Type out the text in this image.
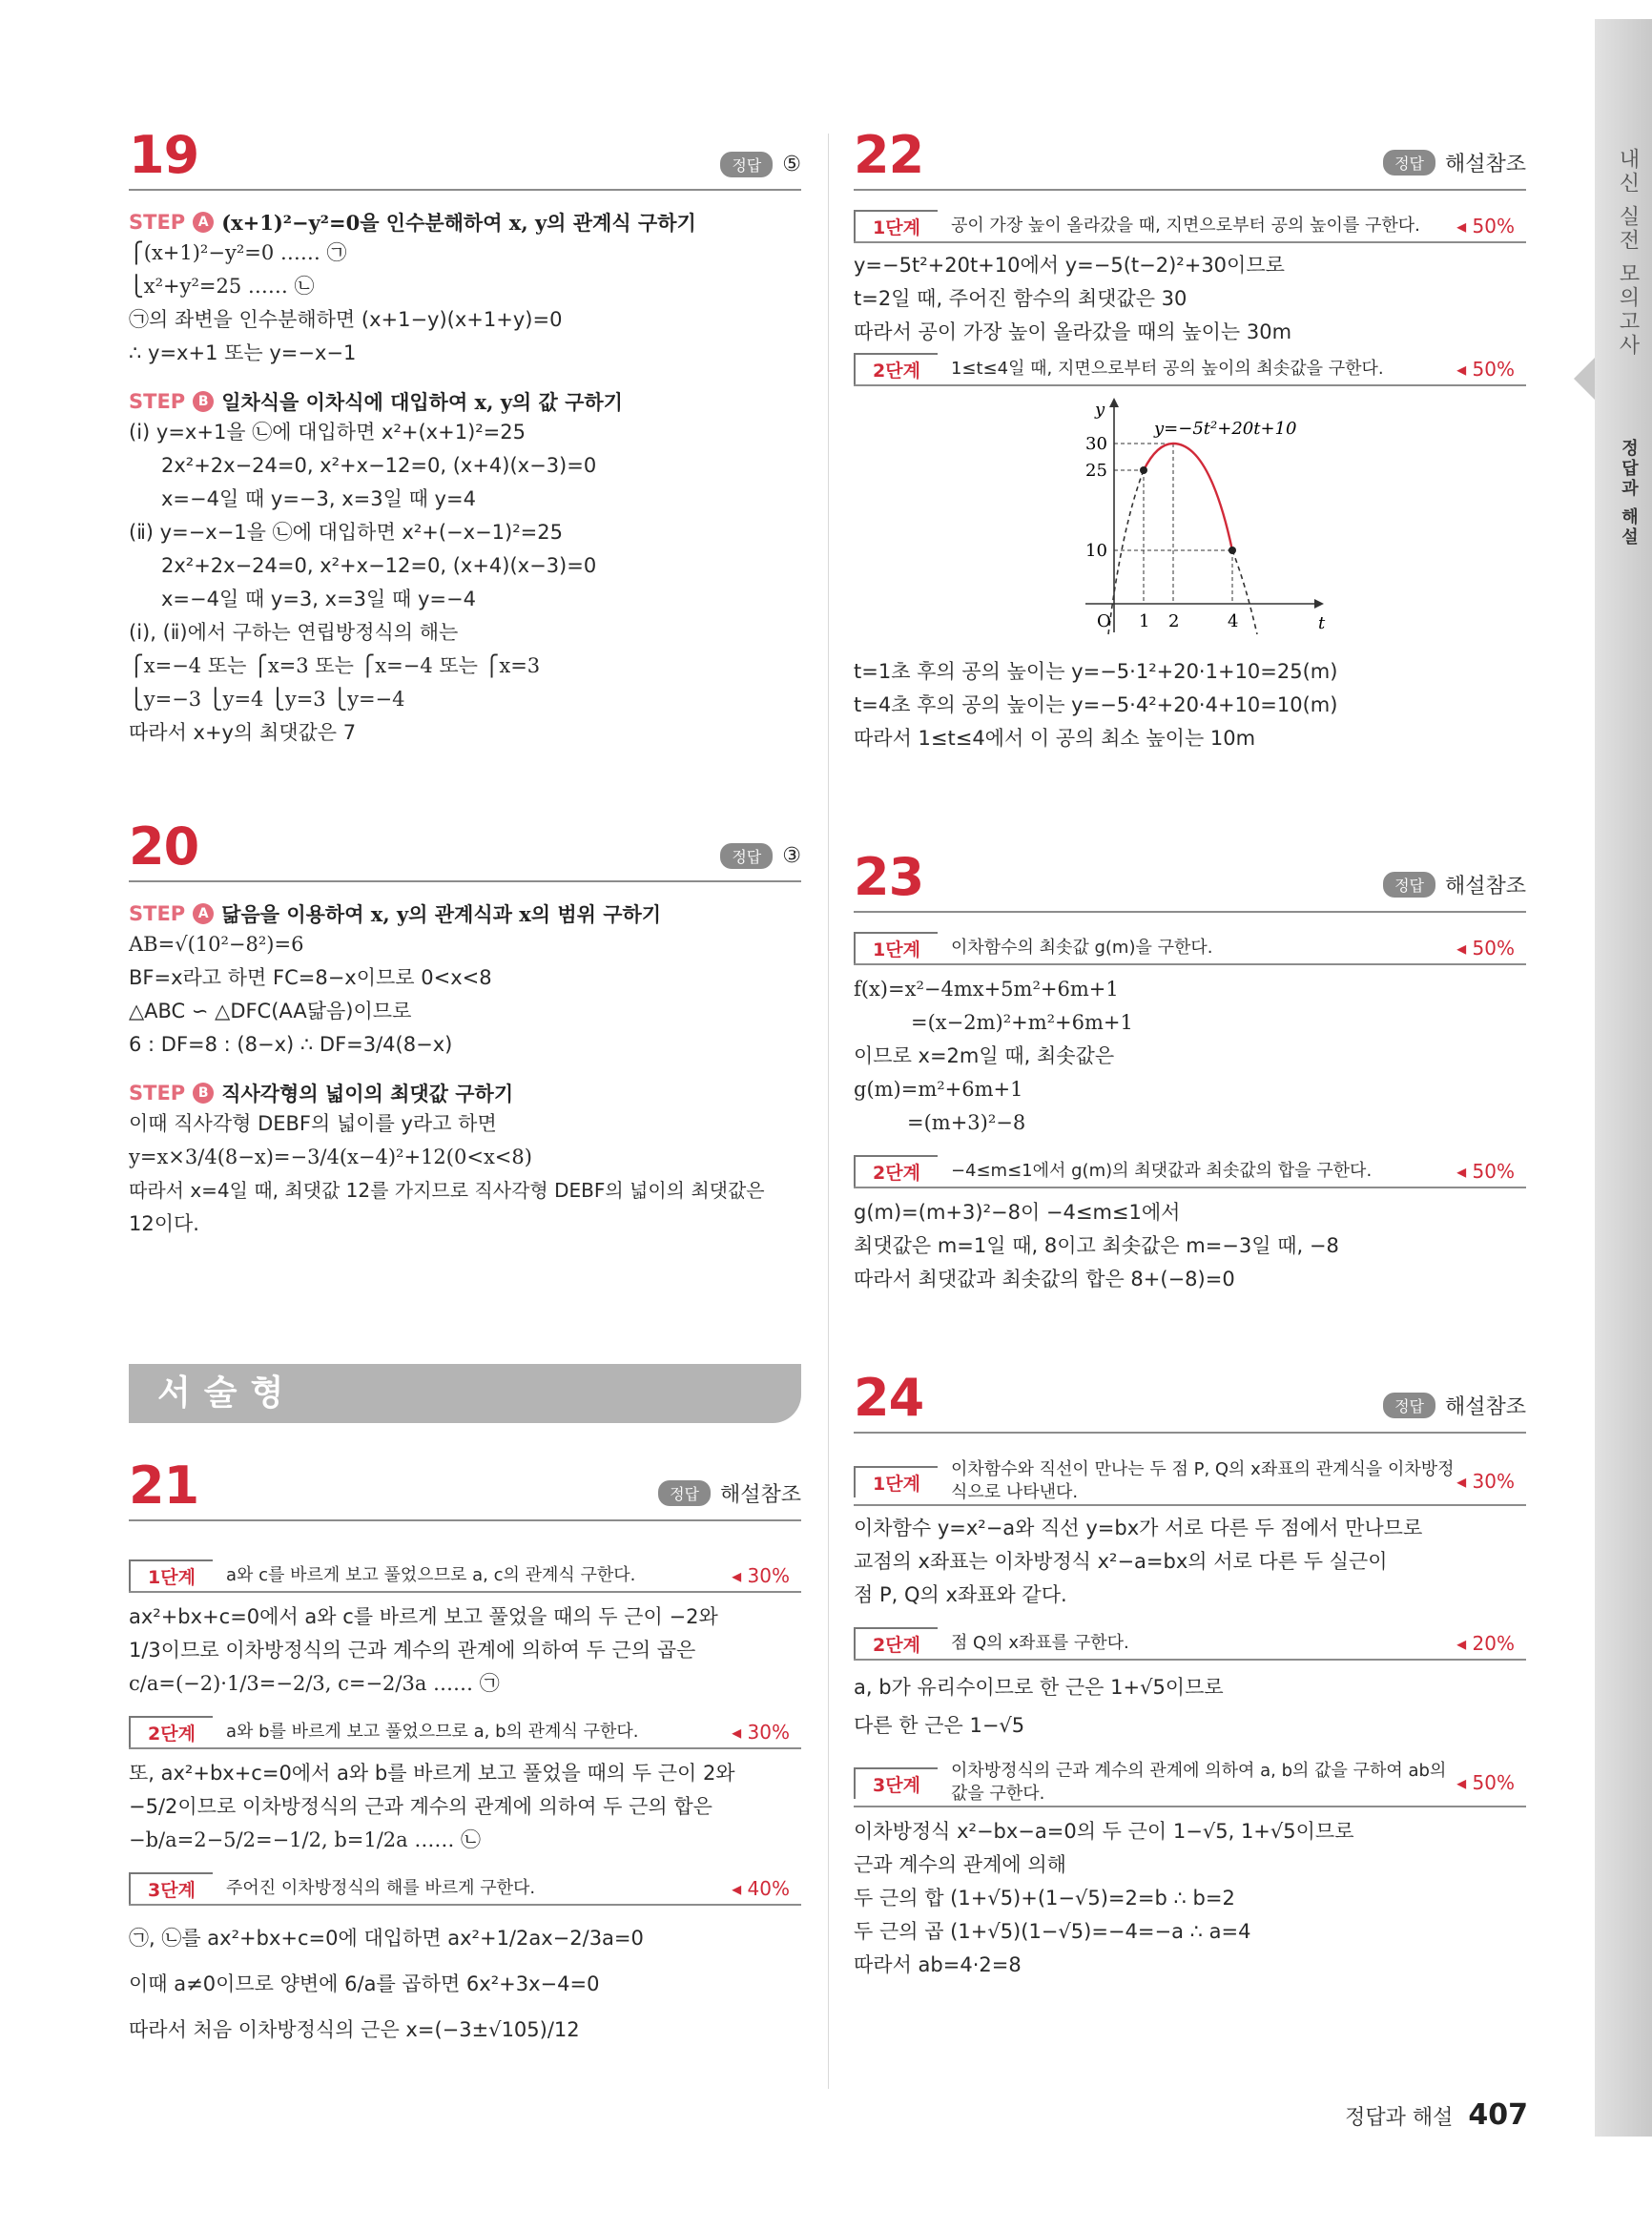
내신 실전 모의고사
정답과 해설
19	정답	⑤
STEP A (x+1)²−y²=0을 인수분해하여 x, y의 관계식 구하기
⎧(x+1)²−y²=0 …… ㉠
⎩x²+y²=25 …… ㉡
㉠의 좌변을 인수분해하면 (x+1−y)(x+1+y)=0
∴ y=x+1 또는 y=−x−1
STEP B 일차식을 이차식에 대입하여 x, y의 값 구하기
(ⅰ) y=x+1을 ㉡에 대입하면 x²+(x+1)²=25
2x²+2x−24=0, x²+x−12=0, (x+4)(x−3)=0
x=−4일 때 y=−3, x=3일 때 y=4
(ⅱ) y=−x−1을 ㉡에 대입하면 x²+(−x−1)²=25
2x²+2x−24=0, x²+x−12=0, (x+4)(x−3)=0
x=−4일 때 y=3, x=3일 때 y=−4
(ⅰ), (ⅱ)에서 구하는 연립방정식의 해는
⎧x=−4 또는 ⎧x=3 또는 ⎧x=−4 또는 ⎧x=3
⎩y=−3 ⎩y=4 ⎩y=3 ⎩y=−4
따라서 x+y의 최댓값은 7
20	정답	③
STEP A 닮음을 이용하여 x, y의 관계식과 x의 범위 구하기
AB=√(10²−8²)=6
BF=x라고 하면 FC=8−x이므로 0<x<8
△ABC ∽ △DFC(AA닮음)이므로
6 : DF=8 : (8−x) ∴ DF=3/4(8−x)
STEP B 직사각형의 넓이의 최댓값 구하기
이때 직사각형 DEBF의 넓이를 y라고 하면
y=x×3/4(8−x)=−3/4(x−4)²+12(0<x<8)
따라서 x=4일 때, 최댓값 12를 가지므로 직사각형 DEBF의 넓이의 최댓값은
12이다.
서술형
21	정답	해설참조
1단계	a와 c를 바르게 보고 풀었으므로 a, c의 관계식 구한다.	◂ 30%
ax²+bx+c=0에서 a와 c를 바르게 보고 풀었을 때의 두 근이 −2와
1/3이므로 이차방정식의 근과 계수의 관계에 의하여 두 근의 곱은
c/a=(−2)·1/3=−2/3, c=−2/3a …… ㉠
2단계	a와 b를 바르게 보고 풀었으므로 a, b의 관계식 구한다.	◂ 30%
또, ax²+bx+c=0에서 a와 b를 바르게 보고 풀었을 때의 두 근이 2와
−5/2이므로 이차방정식의 근과 계수의 관계에 의하여 두 근의 합은
−b/a=2−5/2=−1/2, b=1/2a …… ㉡
3단계	주어진 이차방정식의 해를 바르게 구한다.	◂ 40%
㉠, ㉡를 ax²+bx+c=0에 대입하면 ax²+1/2ax−2/3a=0
이때 a≠0이므로 양변에 6/a를 곱하면 6x²+3x−4=0
따라서 처음 이차방정식의 근은 x=(−3±√105)/12
22	정답	해설참조
1단계	공이 가장 높이 올라갔을 때, 지면으로부터 공의 높이를 구한다.	◂ 50%
y=−5t²+20t+10에서 y=−5(t−2)²+30이므로
t=2일 때, 주어진 함수의 최댓값은 30
따라서 공이 가장 높이 올라갔을 때의 높이는 30m
2단계	1≤t≤4일 때, 지면으로부터 공의 높이의 최솟값을 구한다.	◂ 50%
y
t
O
y=−5t²+20t+10
30
25
10
1 2	4
t=1초 후의 공의 높이는 y=−5·1²+20·1+10=25(m)
t=4초 후의 공의 높이는 y=−5·4²+20·4+10=10(m)
따라서 1≤t≤4에서 이 공의 최소 높이는 10m
23	정답	해설참조
1단계	이차함수의 최솟값 g(m)을 구한다.	◂ 50%
f(x)=x²−4mx+5m²+6m+1
=(x−2m)²+m²+6m+1
이므로 x=2m일 때, 최솟값은
g(m)=m²+6m+1
=(m+3)²−8
2단계	−4≤m≤1에서 g(m)의 최댓값과 최솟값의 합을 구한다.	◂ 50%
g(m)=(m+3)²−8이 −4≤m≤1에서
최댓값은 m=1일 때, 8이고 최솟값은 m=−3일 때, −8
따라서 최댓값과 최솟값의 합은 8+(−8)=0
24	정답	해설참조
1단계
이차함수와 직선이 만나는 두 점 P, Q의 x좌표의 관계식을 이차방정식으로 나타낸다.	◂ 30%
이차함수 y=x²−a와 직선 y=bx가 서로 다른 두 점에서 만나므로
교점의 x좌표는 이차방정식 x²−a=bx의 서로 다른 두 실근이
점 P, Q의 x좌표와 같다.
2단계	점 Q의 x좌표를 구한다.	◂ 20%
a, b가 유리수이므로 한 근은 1+√5이므로
다른 한 근은 1−√5
3단계
이차방정식의 근과 계수의 관계에 의하여 a, b의 값을 구하여 ab의 값을 구한다.	◂ 50%
이차방정식 x²−bx−a=0의 두 근이 1−√5, 1+√5이므로
근과 계수의 관계에 의해
두 근의 합 (1+√5)+(1−√5)=2=b ∴ b=2
두 근의 곱 (1+√5)(1−√5)=−4=−a ∴ a=4
따라서 ab=4·2=8
정답과 해설 407
